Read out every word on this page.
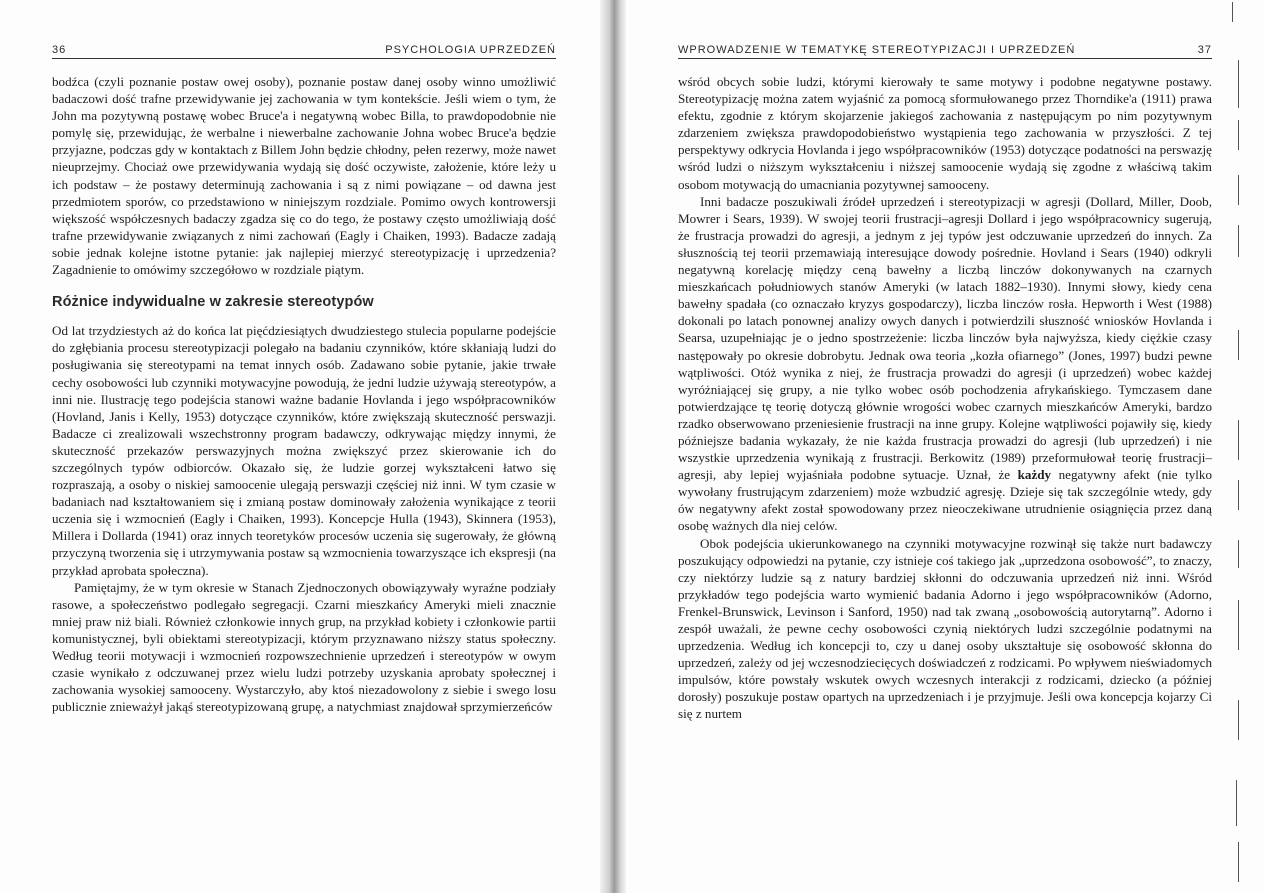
36	PSYCHOLOGIA UPRZEDZEŃ

bodźca (czyli poznanie postaw owej osoby), poznanie postaw danej osoby winno umożliwić badaczowi dość trafne przewidywanie jej zachowania w tym kontekście. Jeśli wiem o tym, że John ma pozytywną postawę wobec Bruce'a i negatywną wobec Billa, to prawdopodobnie nie pomylę się, przewidując, że werbalne i niewerbalne zachowanie Johna wobec Bruce'a będzie przyjazne, podczas gdy w kontaktach z Billem John będzie chłodny, pełen rezerwy, może nawet nieuprzejmy. Chociaż owe przewidywania wydają się dość oczywiste, założenie, które leży u ich podstaw – że postawy determinują zachowania i są z nimi powiązane – od dawna jest przedmiotem sporów, co przedstawiono w niniejszym rozdziale. Pomimo owych kontrowersji większość współczesnych badaczy zgadza się co do tego, że postawy często umożliwiają dość trafne przewidywanie związanych z nimi zachowań (Eagly i Chaiken, 1993). Badacze zadają sobie jednak kolejne istotne pytanie: jak najlepiej mierzyć stereotypizację i uprzedzenia? Zagadnienie to omówimy szczegółowo w rozdziale piątym.

Różnice indywidualne w zakresie stereotypów

Od lat trzydziestych aż do końca lat pięćdziesiątych dwudziestego stulecia popularne podejście do zgłębiania procesu stereotypizacji polegało na badaniu czynników, które skłaniają ludzi do posługiwania się stereotypami na temat innych osób. Zadawano sobie pytanie, jakie trwałe cechy osobowości lub czynniki motywacyjne powodują, że jedni ludzie używają stereotypów, a inni nie. Ilustrację tego podejścia stanowi ważne badanie Hovlanda i jego współpracowników (Hovland, Janis i Kelly, 1953) dotyczące czynników, które zwiększają skuteczność perswazji. Badacze ci zrealizowali wszechstronny program badawczy, odkrywając między innymi, że skuteczność przekazów perswazyjnych można zwiększyć przez skierowanie ich do szczególnych typów odbiorców. Okazało się, że ludzie gorzej wykształceni łatwo się rozpraszają, a osoby o niskiej samoocenie ulegają perswazji częściej niż inni. W tym czasie w badaniach nad kształtowaniem się i zmianą postaw dominowały założenia wynikające z teorii uczenia się i wzmocnień (Eagly i Chaiken, 1993). Koncepcje Hulla (1943), Skinnera (1953), Millera i Dollarda (1941) oraz innych teoretyków procesów uczenia się sugerowały, że główną przyczyną tworzenia się i utrzymywania postaw są wzmocnienia towarzyszące ich ekspresji (na przykład aprobata społeczna).

Pamiętajmy, że w tym okresie w Stanach Zjednoczonych obowiązywały wyraźne podziały rasowe, a społeczeństwo podlegało segregacji. Czarni mieszkańcy Ameryki mieli znacznie mniej praw niż biali. Również członkowie innych grup, na przykład kobiety i członkowie partii komunistycznej, byli obiektami stereotypizacji, którym przyznawano niższy status społeczny. Według teorii motywacji i wzmocnień rozpowszechnienie uprzedzeń i stereotypów w owym czasie wynikało z odczuwanej przez wielu ludzi potrzeby uzyskania aprobaty społecznej i zachowania wysokiej samooceny. Wystarczyło, aby ktoś niezadowolony z siebie i swego losu publicznie znieważył jakąś stereotypizowaną grupę, a natychmiast znajdował sprzymierzeńców

WPROWADZENIE W TEMATYKĘ STEREOTYPIZACJI I UPRZEDZEŃ	37

wśród obcych sobie ludzi, którymi kierowały te same motywy i podobne negatywne postawy. Stereotypizację można zatem wyjaśnić za pomocą sformułowanego przez Thorndike'a (1911) prawa efektu, zgodnie z którym skojarzenie jakiegoś zachowania z następującym po nim pozytywnym zdarzeniem zwiększa prawdopodobieństwo wystąpienia tego zachowania w przyszłości. Z tej perspektywy odkrycia Hovlanda i jego współpracowników (1953) dotyczące podatności na perswazję wśród ludzi o niższym wykształceniu i niższej samoocenie wydają się zgodne z właściwą takim osobom motywacją do umacniania pozytywnej samooceny.

Inni badacze poszukiwali źródeł uprzedzeń i stereotypizacji w agresji (Dollard, Miller, Doob, Mowrer i Sears, 1939). W swojej teorii frustracji–agresji Dollard i jego współpracownicy sugerują, że frustracja prowadzi do agresji, a jednym z jej typów jest odczuwanie uprzedzeń do innych. Za słusznością tej teorii przemawiają interesujące dowody pośrednie. Hovland i Sears (1940) odkryli negatywną korelację między ceną bawełny a liczbą linczów dokonywanych na czarnych mieszkańcach południowych stanów Ameryki (w latach 1882–1930). Innymi słowy, kiedy cena bawełny spadała (co oznaczało kryzys gospodarczy), liczba linczów rosła. Hepworth i West (1988) dokonali po latach ponownej analizy owych danych i potwierdzili słuszność wniosków Hovlanda i Searsa, uzupełniając je o jedno spostrzeżenie: liczba linczów była najwyższa, kiedy ciężkie czasy następowały po okresie dobrobytu. Jednak owa teoria „kozła ofiarnego” (Jones, 1997) budzi pewne wątpliwości. Otóż wynika z niej, że frustracja prowadzi do agresji (i uprzedzeń) wobec każdej wyróżniającej się grupy, a nie tylko wobec osób pochodzenia afrykańskiego. Tymczasem dane potwierdzające tę teorię dotyczą głównie wrogości wobec czarnych mieszkańców Ameryki, bardzo rzadko obserwowano przeniesienie frustracji na inne grupy. Kolejne wątpliwości pojawiły się, kiedy późniejsze badania wykazały, że nie każda frustracja prowadzi do agresji (lub uprzedzeń) i nie wszystkie uprzedzenia wynikają z frustracji. Berkowitz (1989) przeformułował teorię frustracji–agresji, aby lepiej wyjaśniała podobne sytuacje. Uznał, że każdy negatywny afekt (nie tylko wywołany frustrującym zdarzeniem) może wzbudzić agresję. Dzieje się tak szczególnie wtedy, gdy ów negatywny afekt został spowodowany przez nieoczekiwane utrudnienie osiągnięcia przez daną osobę ważnych dla niej celów.

Obok podejścia ukierunkowanego na czynniki motywacyjne rozwinął się także nurt badawczy poszukujący odpowiedzi na pytanie, czy istnieje coś takiego jak „uprzedzona osobowość”, to znaczy, czy niektórzy ludzie są z natury bardziej skłonni do odczuwania uprzedzeń niż inni. Wśród przykładów tego podejścia warto wymienić badania Adorno i jego współpracowników (Adorno, Frenkel-Brunswick, Levinson i Sanford, 1950) nad tak zwaną „osobowością autorytarną”. Adorno i zespół uważali, że pewne cechy osobowości czynią niektórych ludzi szczególnie podatnymi na uprzedzenia. Według ich koncepcji to, czy u danej osoby ukształtuje się osobowość skłonna do uprzedzeń, zależy od jej wczesnodziecięcych doświadczeń z rodzicami. Po wpływem nieświadomych impulsów, które powstały wskutek owych wczesnych interakcji z rodzicami, dziecko (a później dorosły) poszukuje postaw opartych na uprzedzeniach i je przyjmuje. Jeśli owa koncepcja kojarzy Ci się z nurtem
